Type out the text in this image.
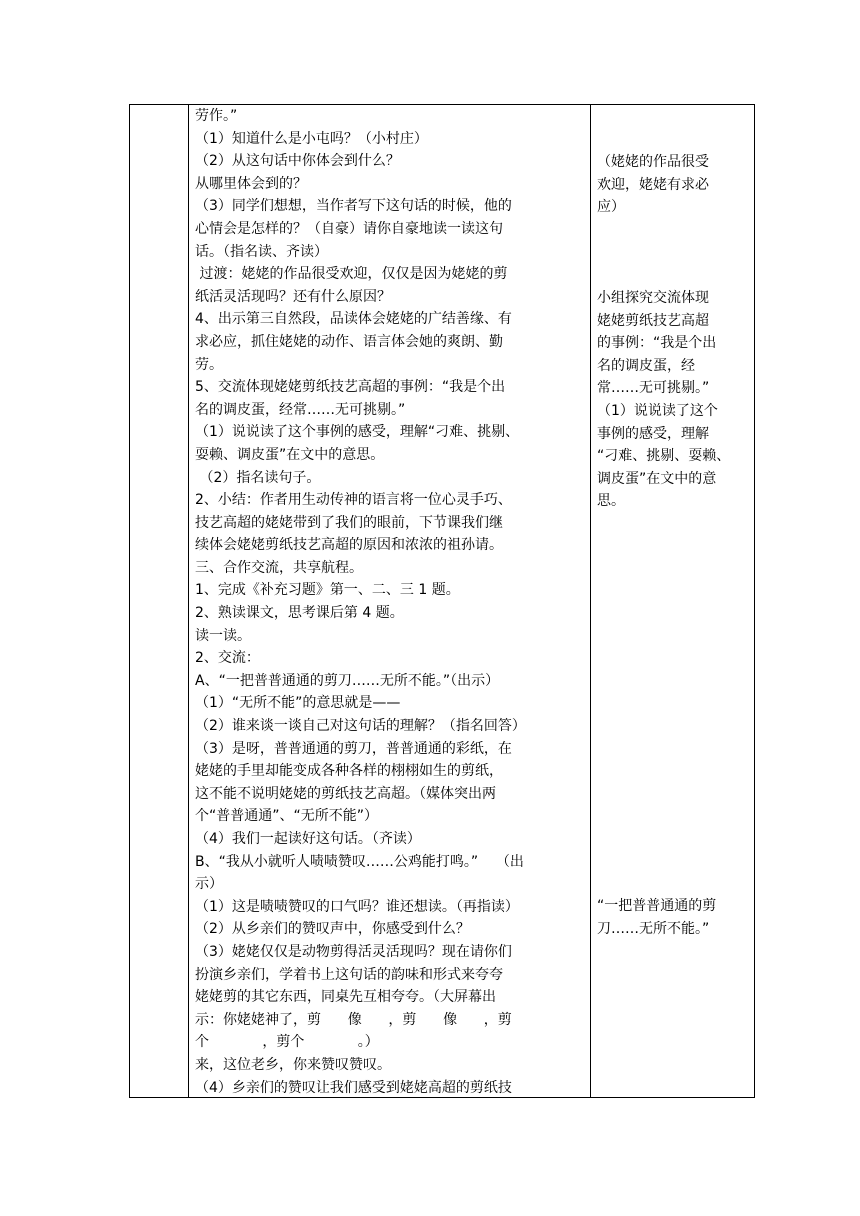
劳作。”
（1）知道什么是小屯吗？（小村庄）
（2）从这句话中你体会到什么？
从哪里体会到的？
（3）同学们想想，当作者写下这句话的时候，他的
心情会是怎样的？（自豪）请你自豪地读一读这句
话。（指名读、齐读）
过渡：姥姥的作品很受欢迎，仅仅是因为姥姥的剪
纸活灵活现吗？还有什么原因？
4、出示第三自然段，品读体会姥姥的广结善缘、有
求必应，抓住姥姥的动作、语言体会她的爽朗、勤
劳。
5、交流体现姥姥剪纸技艺高超的事例：“我是个出
名的调皮蛋，经常……无可挑剔。”
（1）说说读了这个事例的感受，理解“刁难、挑剔、
耍赖、调皮蛋”在文中的意思。
（2）指名读句子。
2、小结：作者用生动传神的语言将一位心灵手巧、
技艺高超的姥姥带到了我们的眼前，下节课我们继
续体会姥姥剪纸技艺高超的原因和浓浓的祖孙请。
三、合作交流，共享航程。
1、完成《补充习题》第一、二、三 1 题。
2、熟读课文，思考课后第 4 题。
读一读。
2、交流：
A、“一把普普通通的剪刀……无所不能。”（出示）
（1）“无所不能”的意思就是——
（2）谁来谈一谈自己对这句话的理解？（指名回答）
（3）是呀，普普通通的剪刀，普普通通的彩纸，在
姥姥的手里却能变成各种各样的栩栩如生的剪纸，
这不能不说明姥姥的剪纸技艺高超。（媒体突出两
个“普普通通”、“无所不能”）
（4）我们一起读好这句话。（齐读）
B、“我从小就听人啧啧赞叹……公鸡能打鸣。”    （出
示）
（1）这是啧啧赞叹的口气吗？谁还想读。（再指读）
（2）从乡亲们的赞叹声中，你感受到什么？
（3）姥姥仅仅是动物剪得活灵活现吗？现在请你们
扮演乡亲们，学着书上这句话的韵味和形式来夸夸
姥姥剪的其它东西，同桌先互相夸夸。（大屏幕出
示：你姥姥神了，剪      像      ，剪      像      ，剪
个            ，剪个            。）
来，这位老乡，你来赞叹赞叹。
（4）乡亲们的赞叹让我们感受到姥姥高超的剪纸技
（姥姥的作品很受
欢迎，姥姥有求必
应）
小组探究交流体现
姥姥剪纸技艺高超
的事例：“我是个出
名的调皮蛋，经
常……无可挑剔。”
（1）说说读了这个
事例的感受，理解
“刁难、挑剔、耍赖、
调皮蛋”在文中的意
思。
“一把普普通通的剪
刀……无所不能。”
